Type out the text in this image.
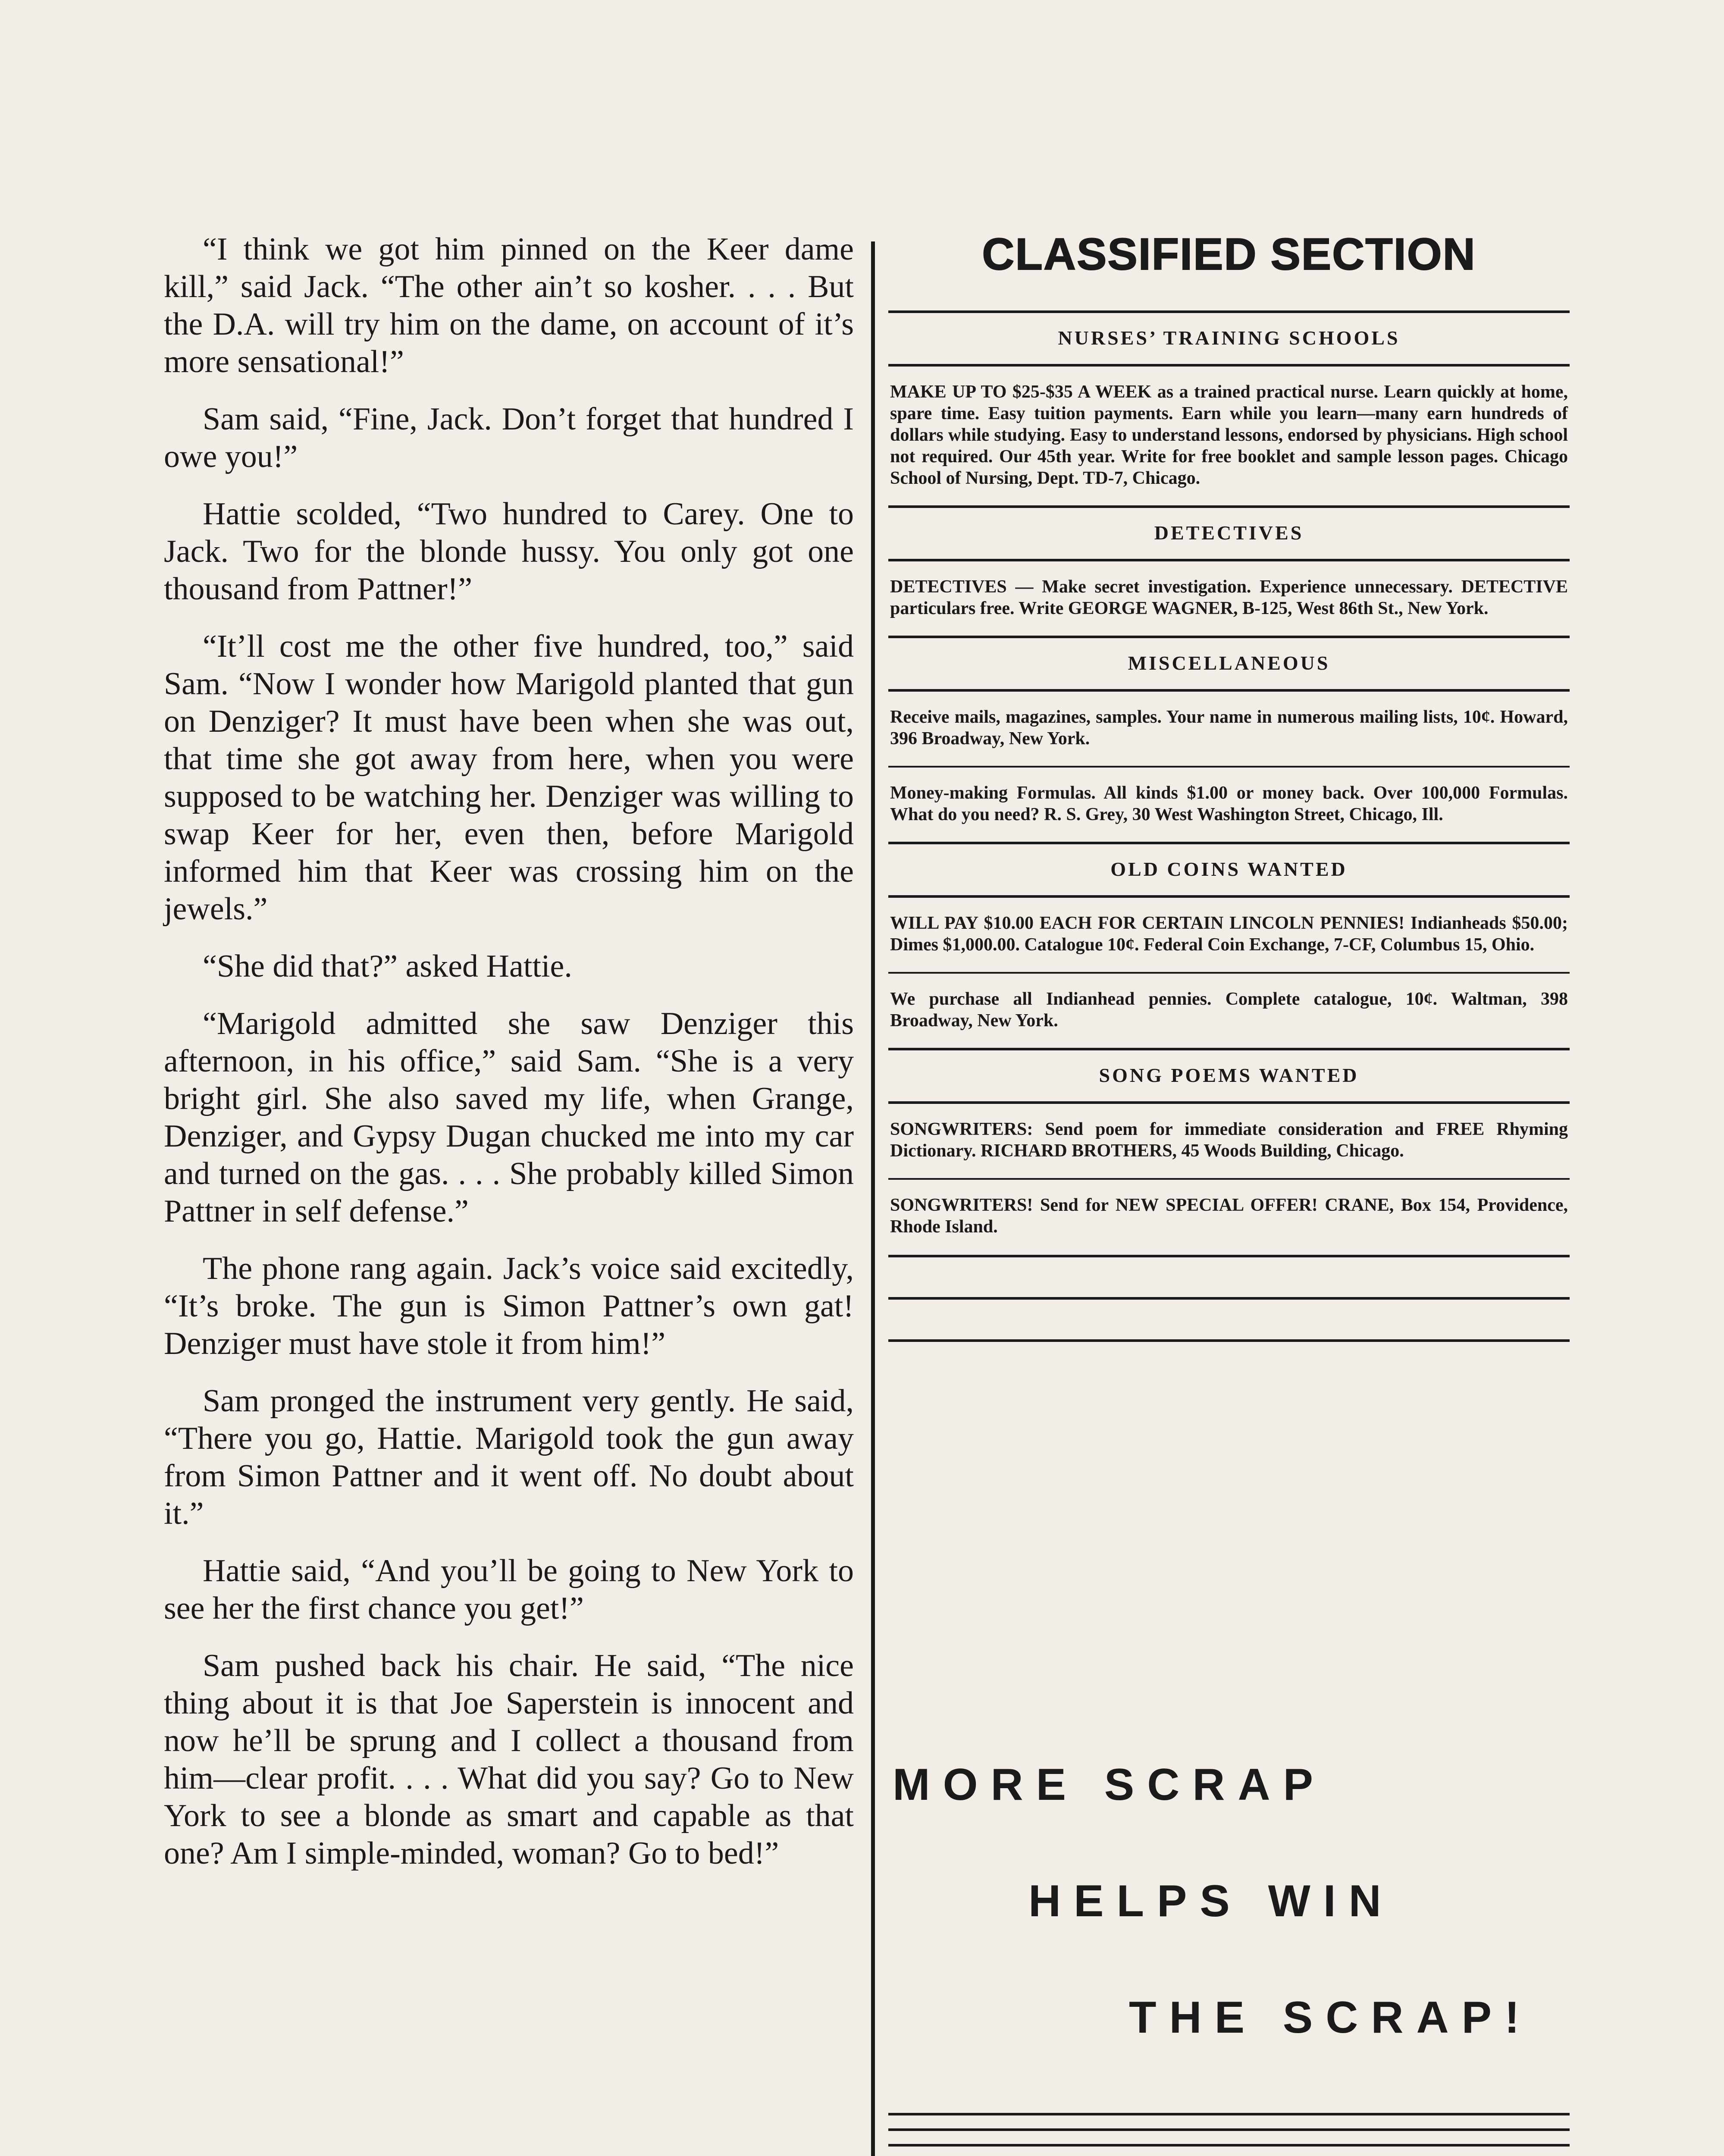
“I think we got him pinned on the Keer dame kill,” said Jack. “The other ain’t so kosher. . . . But the D.A. will try him on the dame, on account of it’s more sensational!”

Sam said, “Fine, Jack. Don’t forget that hundred I owe you!”

Hattie scolded, “Two hundred to Carey. One to Jack. Two for the blonde hussy. You only got one thousand from Pattner!”

“It’ll cost me the other five hundred, too,” said Sam. “Now I wonder how Marigold planted that gun on Denziger? It must have been when she was out, that time she got away from here, when you were supposed to be watching her. Denziger was willing to swap Keer for her, even then, before Marigold informed him that Keer was crossing him on the jewels.”

“She did that?” asked Hattie.

“Marigold admitted she saw Denziger this afternoon, in his office,” said Sam. “She is a very bright girl. She also saved my life, when Grange, Denziger, and Gypsy Dugan chucked me into my car and turned on the gas. . . . She probably killed Simon Pattner in self defense.”

The phone rang again. Jack’s voice said excitedly, “It’s broke. The gun is Simon Pattner’s own gat! Denziger must have stole it from him!”

Sam pronged the instrument very gently. He said, “There you go, Hattie. Marigold took the gun away from Simon Pattner and it went off. No doubt about it.”

Hattie said, “And you’ll be going to New York to see her the first chance you get!”

Sam pushed back his chair. He said, “The nice thing about it is that Joe Saperstein is innocent and now he’ll be sprung and I collect a thousand from him—clear profit. . . . What did you say? Go to New York to see a blonde as smart and capable as that one? Am I simple-minded, woman? Go to bed!”

CLASSIFIED SECTION
NURSES’ TRAINING SCHOOLS
MAKE UP TO $25-$35 A WEEK as a trained practical nurse. Learn quickly at home, spare time. Easy tuition payments. Earn while you learn—many earn hundreds of dollars while studying. Easy to understand lessons, endorsed by physicians. High school not required. Our 45th year. Write for free booklet and sample lesson pages. Chicago School of Nursing, Dept. TD-7, Chicago.
DETECTIVES
DETECTIVES — Make secret investigation. Experience unnecessary. DETECTIVE particulars free. Write GEORGE WAGNER, B-125, West 86th St., New York.
MISCELLANEOUS
Receive mails, magazines, samples. Your name in numerous mailing lists, 10¢. Howard, 396 Broadway, New York.
Money-making Formulas. All kinds $1.00 or money back. Over 100,000 Formulas. What do you need? R. S. Grey, 30 West Washington Street, Chicago, Ill.
OLD COINS WANTED
WILL PAY $10.00 EACH FOR CERTAIN LINCOLN PENNIES! Indianheads $50.00; Dimes $1,000.00. Catalogue 10¢. Federal Coin Exchange, 7-CF, Columbus 15, Ohio.
We purchase all Indianhead pennies. Complete catalogue, 10¢. Waltman, 398 Broadway, New York.
SONG POEMS WANTED
SONGWRITERS: Send poem for immediate consideration and FREE Rhyming Dictionary. RICHARD BROTHERS, 45 Woods Building, Chicago.
SONGWRITERS! Send for NEW SPECIAL OFFER! CRANE, Box 154, Providence, Rhode Island.
MORE SCRAP
HELPS WIN
THE SCRAP!
